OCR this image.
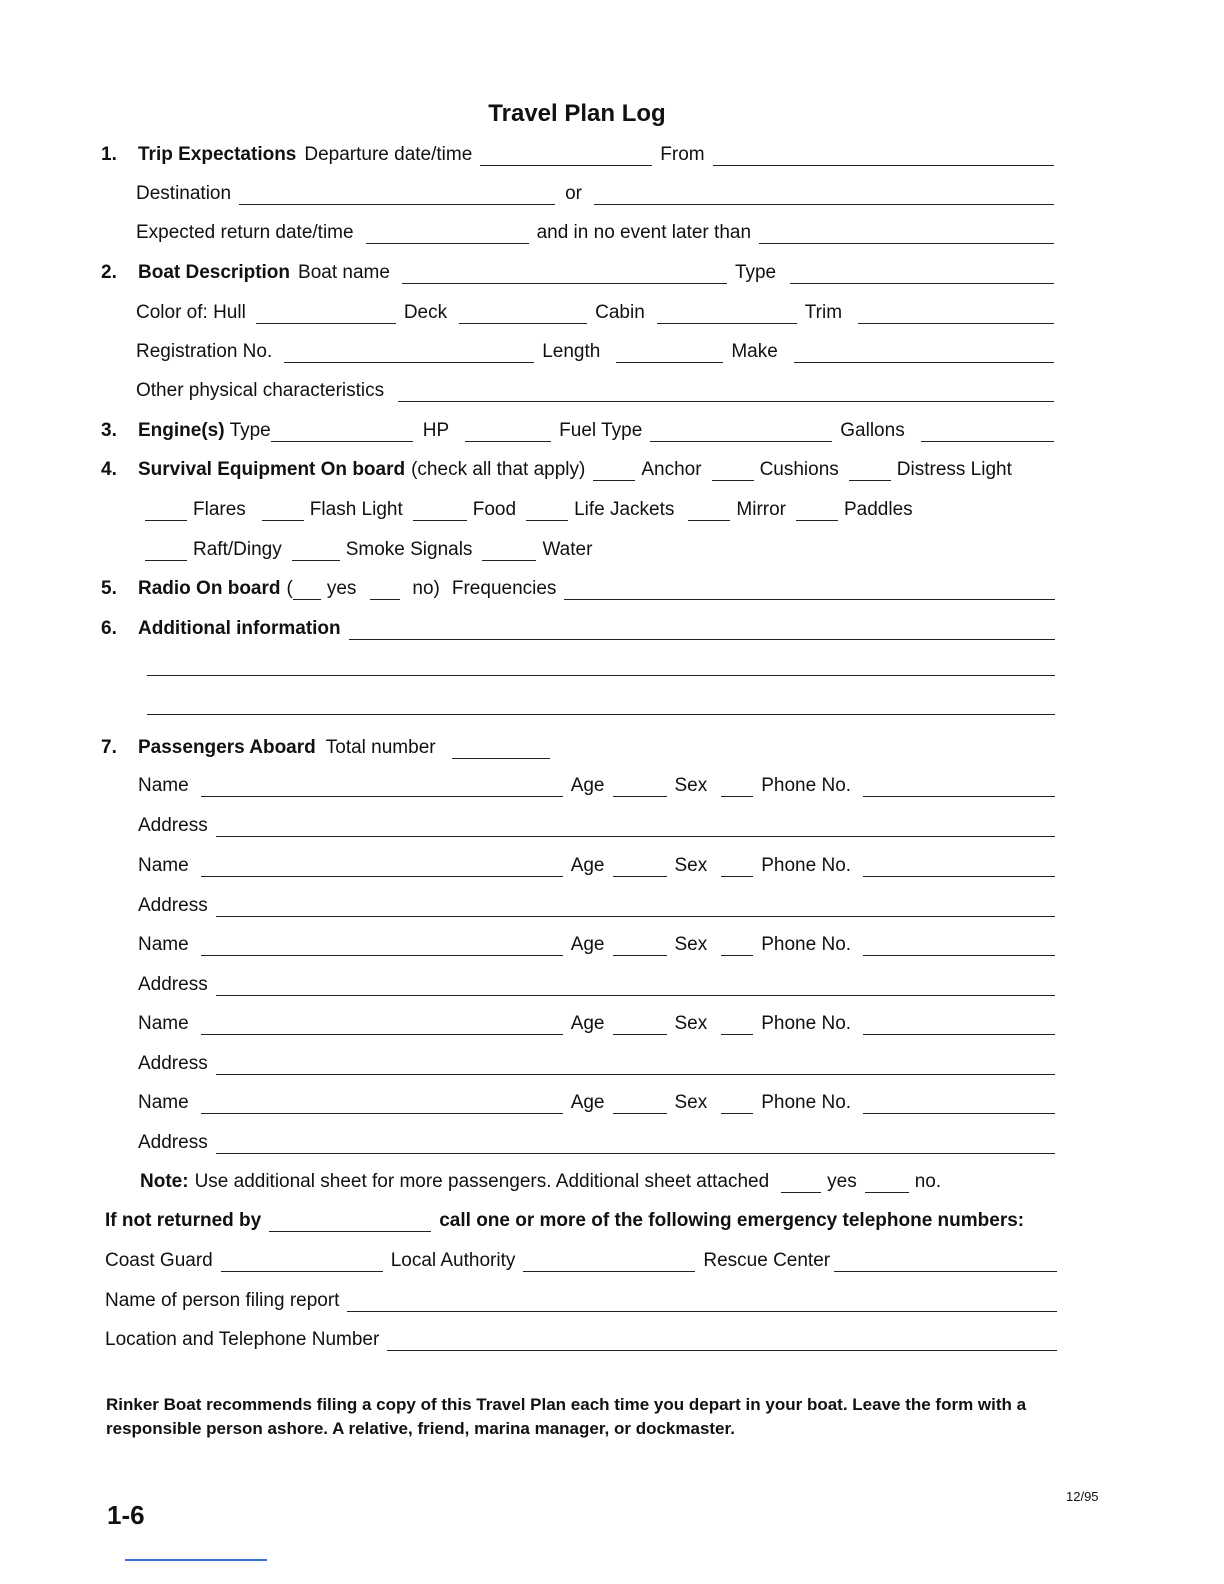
Travel Plan Log
1.	Trip Expectations Departure date/time	From
Destination	or
Expected return date/time	and in no event later than
2.	Boat Description Boat name	Type
Color of: Hull	Deck	Cabin	Trim
Registration No.	Length	Make
Other physical characteristics
3.	Engine(s) Type	HP	Fuel Type	Gallons
4.	Survival Equipment On board (check all that apply)	Anchor	Cushions	Distress Light
Flares	Flash Light	Food	Life Jackets	Mirror	Paddles
Raft/Dingy	Smoke Signals	Water
5.	Radio On board ( yes	no) Frequencies
6.	Additional information
7.	Passengers Aboard Total number
Name	Age	Sex	Phone No.
Address
Name	Age	Sex	Phone No.
Address
Name	Age	Sex	Phone No.
Address
Name	Age	Sex	Phone No.
Address
Name	Age	Sex	Phone No.
Address
Note: Use additional sheet for more passengers. Additional sheet attached	yes	no.
If not returned by	call one or more of the following emergency telephone numbers:
Coast Guard	Local Authority	Rescue Center
Name of person filing report
Location and Telephone Number
Rinker Boat recommends filing a copy of this Travel Plan each time you depart in your boat. Leave the form with a responsible person ashore. A relative, friend, marina manager, or dockmaster.
1-6
12/95
